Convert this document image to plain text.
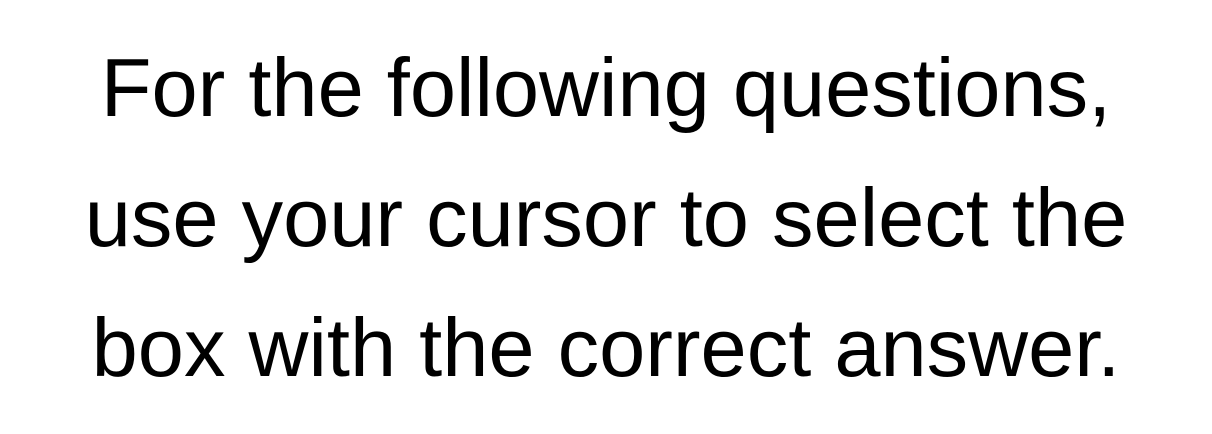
For the following questions,
use your cursor to select the
box with the correct answer.
